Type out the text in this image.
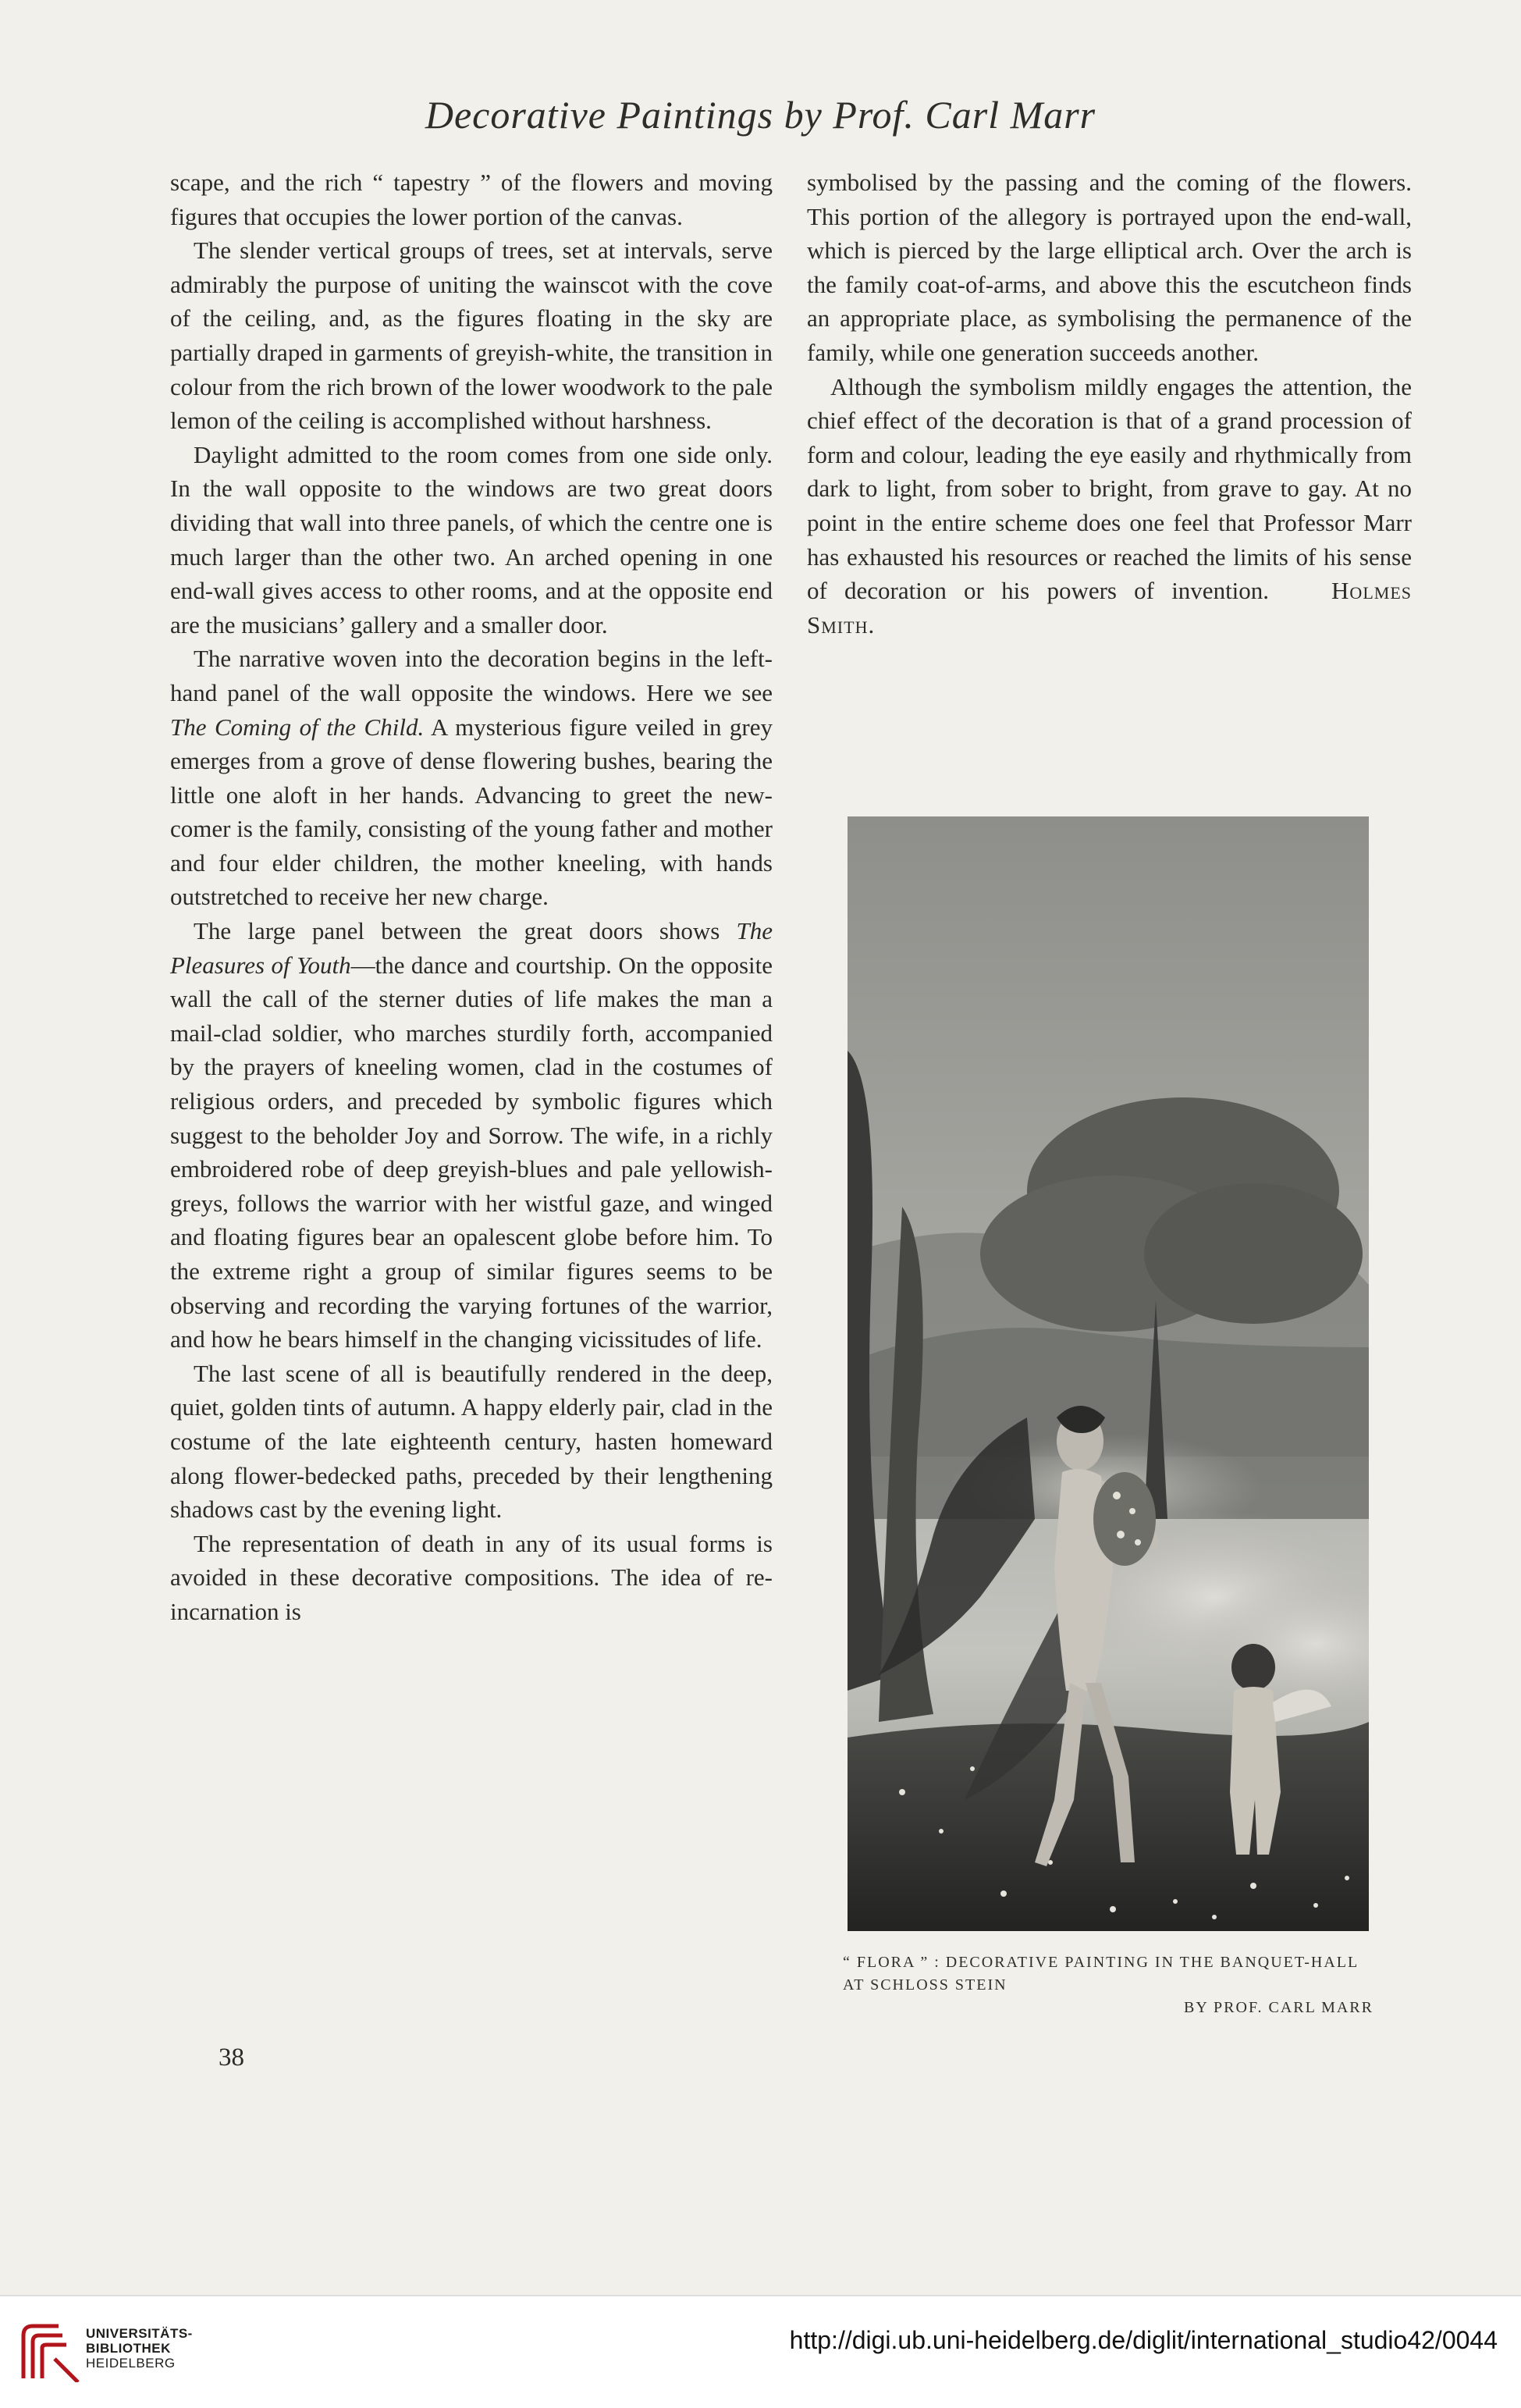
Decorative Paintings by Prof. Carl Marr

scape, and the rich “ tapestry ” of the flowers and moving figures that occupies the lower portion of the canvas.

The slender vertical groups of trees, set at intervals, serve admirably the purpose of uniting the wainscot with the cove of the ceiling, and, as the figures floating in the sky are partially draped in garments of greyish-white, the transition in colour from the rich brown of the lower woodwork to the pale lemon of the ceiling is accomplished without harshness.

Daylight admitted to the room comes from one side only. In the wall opposite to the windows are two great doors dividing that wall into three panels, of which the centre one is much larger than the other two. An arched opening in one end-wall gives access to other rooms, and at the opposite end are the musicians’ gallery and a smaller door.

The narrative woven into the decoration begins in the left-hand panel of the wall opposite the windows. Here we see The Coming of the Child. A mysterious figure veiled in grey emerges from a grove of dense flowering bushes, bearing the little one aloft in her hands. Advancing to greet the new-comer is the family, consisting of the young father and mother and four elder children, the mother kneeling, with hands outstretched to receive her new charge.

The large panel between the great doors shows The Pleasures of Youth—the dance and courtship. On the opposite wall the call of the sterner duties of life makes the man a mail-clad soldier, who marches sturdily forth, accompanied by the prayers of kneeling women, clad in the costumes of religious orders, and preceded by symbolic figures which suggest to the beholder Joy and Sorrow. The wife, in a richly embroidered robe of deep greyish-blues and pale yellowish-greys, follows the warrior with her wistful gaze, and winged and floating figures bear an opalescent globe before him. To the extreme right a group of similar figures seems to be observing and recording the varying fortunes of the warrior, and how he bears himself in the changing vicissitudes of life.

The last scene of all is beautifully rendered in the deep, quiet, golden tints of autumn. A happy elderly pair, clad in the costume of the late eighteenth century, hasten homeward along flower-bedecked paths, preceded by their lengthening shadows cast by the evening light.

The representation of death in any of its usual forms is avoided in these decorative compositions. The idea of re-incarnation is

38

symbolised by the passing and the coming of the flowers. This portion of the allegory is portrayed upon the end-wall, which is pierced by the large elliptical arch. Over the arch is the family coat-of-arms, and above this the escutcheon finds an appropriate place, as symbolising the permanence of the family, while one generation succeeds another.

Although the symbolism mildly engages the attention, the chief effect of the decoration is that of a grand procession of form and colour, leading the eye easily and rhythmically from dark to light, from sober to bright, from grave to gay. At no point in the entire scheme does one feel that Professor Marr has exhausted his resources or reached the limits of his sense of decoration or his powers of invention.	Holmes Smith.

“ FLORA ” : DECORATIVE PAINTING IN THE BANQUET-HALL AT SCHLOSS STEIN
BY PROF. CARL MARR
UNIVERSITÄTS-
BIBLIOTHEK
HEIDELBERG
http://digi.ub.uni-heidelberg.de/diglit/international_studio42/0044
